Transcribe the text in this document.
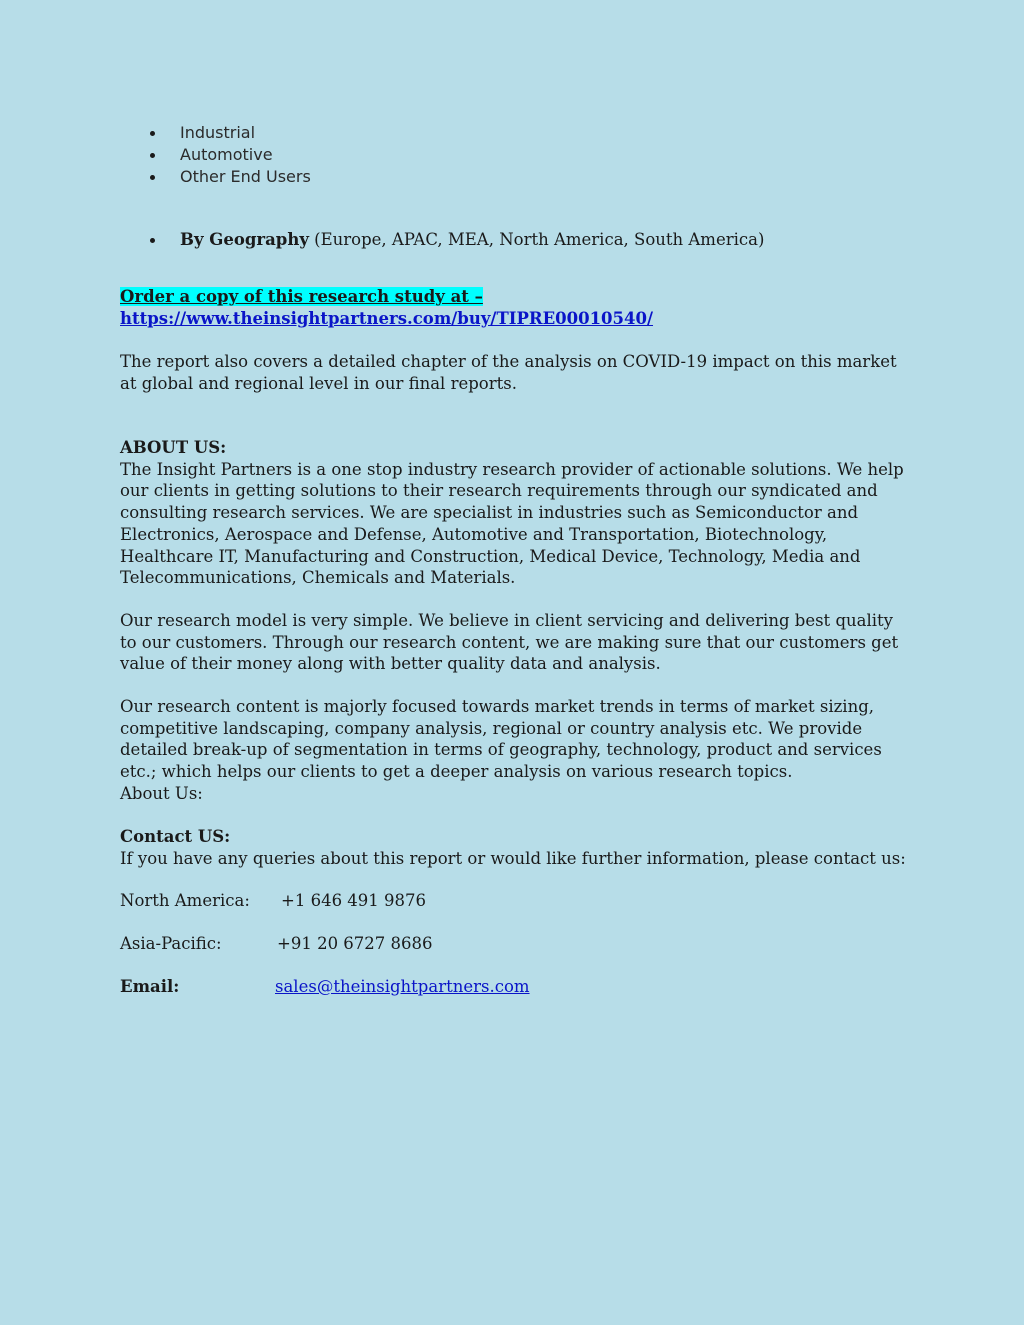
Industrial
Automotive
Other End Users
By Geography (Europe, APAC, MEA, North America, South America)
Order a copy of this research study at –
https://www.theinsightpartners.com/buy/TIPRE00010540/
The report also covers a detailed chapter of the analysis on COVID-19 impact on this market at global and regional level in our final reports.
ABOUT US:
The Insight Partners is a one stop industry research provider of actionable solutions. We help our clients in getting solutions to their research requirements through our syndicated and consulting research services. We are specialist in industries such as Semiconductor and Electronics, Aerospace and Defense, Automotive and Transportation, Biotechnology, Healthcare IT, Manufacturing and Construction, Medical Device, Technology, Media and Telecommunications, Chemicals and Materials.
Our research model is very simple. We believe in client servicing and delivering best quality to our customers. Through our research content, we are making sure that our customers get value of their money along with better quality data and analysis.
Our research content is majorly focused towards market trends in terms of market sizing, competitive landscaping, company analysis, regional or country analysis etc. We provide detailed break-up of segmentation in terms of geography, technology, product and services etc.; which helps our clients to get a deeper analysis on various research topics.
About Us:
Contact US:
If you have any queries about this report or would like further information, please contact us:
North America: +1 646 491 9876
Asia-Pacific:	+91 20 6727 8686
Email:	sales@theinsightpartners.com
